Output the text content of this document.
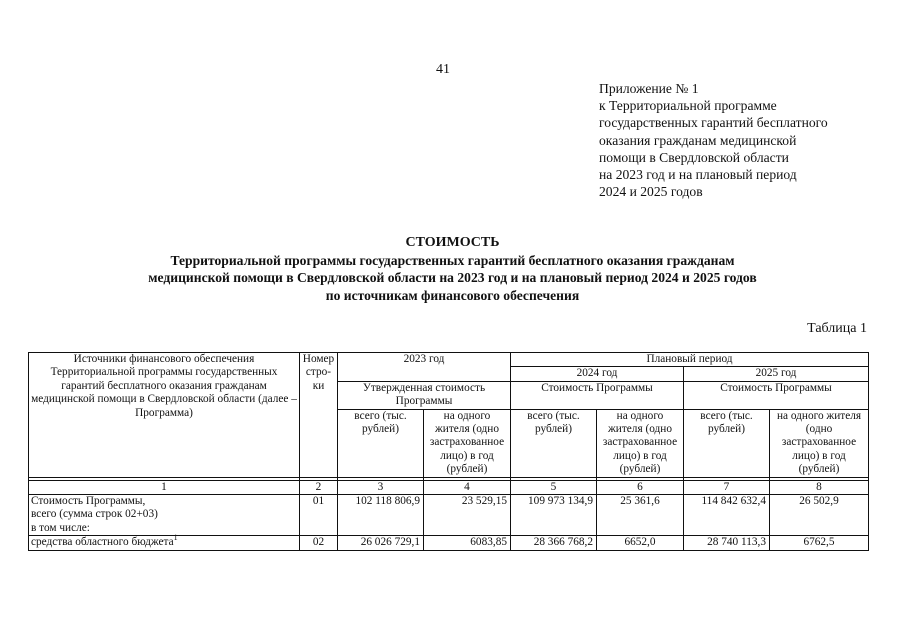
41
Приложение № 1
к Территориальной программе
государственных гарантий бесплатного
оказания гражданам медицинской
помощи в Свердловской области
на 2023 год и на плановый период
2024 и 2025 годов
СТОИМОСТЬ
Территориальной программы государственных гарантий бесплатного оказания гражданам
медицинской помощи в Свердловской области на 2023 год и на плановый период 2024 и 2025 годов
по источникам финансового обеспечения
Таблица 1
Источники финансового обеспечения Территориальной программы государственных гарантий бесплатного оказания гражданам медицинской помощи в Свердловской области (далее – Программа)	Номер стро-ки	2023 год		Плановый период			
				2024 год		2025 год	
		Утвержденная стоимость Программы		Стоимость Программы		Стоимость Программы	
		всего (тыс. рублей)	на одного жителя (одно застрахованное лицо) в год (рублей)	всего (тыс. рублей)	на одного жителя (одно застрахованное лицо) в год (рублей)	всего (тыс. рублей)	на одного жителя (одно застрахованное лицо) в год (рублей)

1	2	3	4	5	6	7	8

Стоимость Программы,
всего (сумма строк 02+03)
в том числе:	01	102 118 806,9	23 529,15	109 973 134,9	25 361,6	114 842 632,4	26 502,9
средства областного бюджета$^1$	02	26 026 729,1	6083,85	28 366 768,2	6652,0	28 740 113,3	6762,5
